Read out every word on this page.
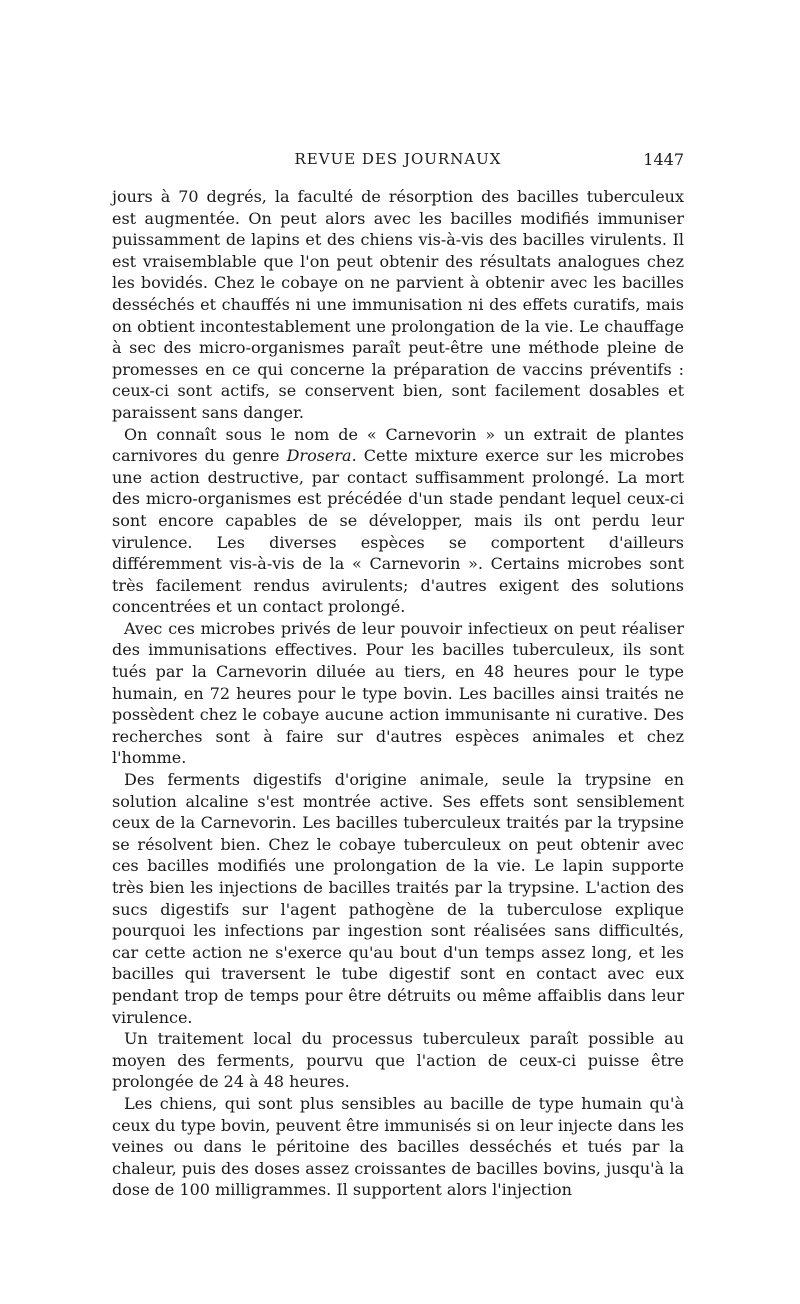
REVUE DES JOURNAUX	1447

jours à 70 degrés, la faculté de résorption des bacilles tuberculeux est augmentée. On peut alors avec les bacilles modifiés immuniser puissamment de lapins et des chiens vis-à-vis des bacilles virulents. Il est vraisemblable que l'on peut obtenir des résultats analogues chez les bovidés. Chez le cobaye on ne parvient à obtenir avec les bacilles desséchés et chauffés ni une immunisation ni des effets curatifs, mais on obtient incontestablement une prolongation de la vie. Le chauffage à sec des micro-organismes paraît peut-être une méthode pleine de promesses en ce qui concerne la préparation de vaccins préventifs : ceux-ci sont actifs, se conservent bien, sont facilement dosables et paraissent sans danger.

On connaît sous le nom de « Carnevorin » un extrait de plantes carnivores du genre Drosera. Cette mixture exerce sur les microbes une action destructive, par contact suffisamment prolongé. La mort des micro-organismes est précédée d'un stade pendant lequel ceux-ci sont encore capables de se développer, mais ils ont perdu leur virulence. Les diverses espèces se comportent d'ailleurs différemment vis-à-vis de la « Carnevorin ». Certains microbes sont très facilement rendus avirulents; d'autres exigent des solutions concentrées et un contact prolongé.

Avec ces microbes privés de leur pouvoir infectieux on peut réaliser des immunisations effectives. Pour les bacilles tuberculeux, ils sont tués par la Carnevorin diluée au tiers, en 48 heures pour le type humain, en 72 heures pour le type bovin. Les bacilles ainsi traités ne possèdent chez le cobaye aucune action immunisante ni curative. Des recherches sont à faire sur d'autres espèces animales et chez l'homme.

Des ferments digestifs d'origine animale, seule la trypsine en solution alcaline s'est montrée active. Ses effets sont sensiblement ceux de la Carnevorin. Les bacilles tuberculeux traités par la trypsine se résolvent bien. Chez le cobaye tuberculeux on peut obtenir avec ces bacilles modifiés une prolongation de la vie. Le lapin supporte très bien les injections de bacilles traités par la trypsine. L'action des sucs digestifs sur l'agent pathogène de la tuberculose explique pourquoi les infections par ingestion sont réalisées sans difficultés, car cette action ne s'exerce qu'au bout d'un temps assez long, et les bacilles qui traversent le tube digestif sont en contact avec eux pendant trop de temps pour être détruits ou même affaiblis dans leur virulence.

Un traitement local du processus tuberculeux paraît possible au moyen des ferments, pourvu que l'action de ceux-ci puisse être prolongée de 24 à 48 heures.

Les chiens, qui sont plus sensibles au bacille de type humain qu'à ceux du type bovin, peuvent être immunisés si on leur injecte dans les veines ou dans le péritoine des bacilles desséchés et tués par la chaleur, puis des doses assez croissantes de bacilles bovins, jusqu'à la dose de 100 milligrammes. Il supportent alors l'injection
